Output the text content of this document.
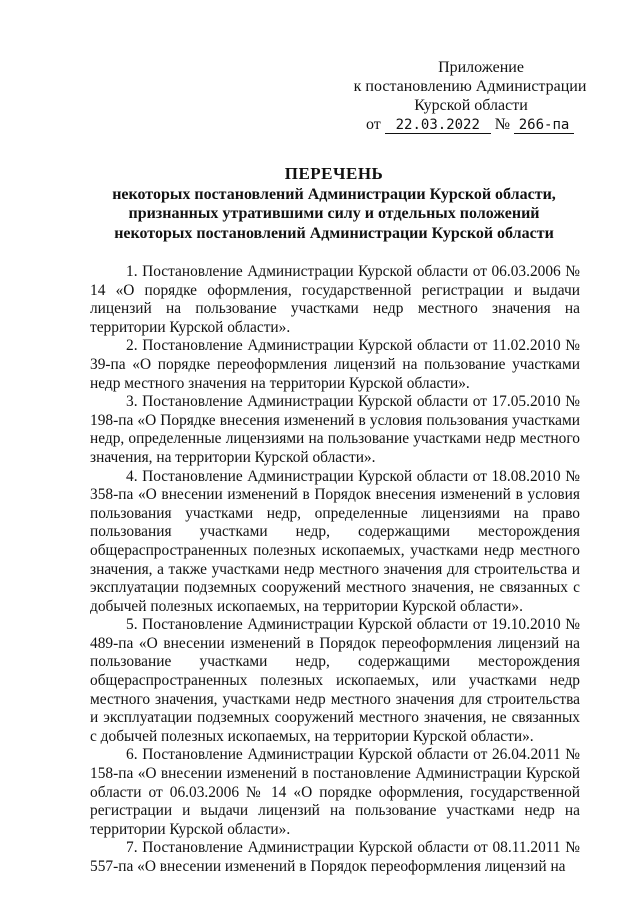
Приложение
к постановлению Администрации
Курской области
от 22.03.2022 № 266-па
ПЕРЕЧЕНЬ
некоторых постановлений Администрации Курской области, признанных утратившими силу и отдельных положений некоторых постановлений Администрации Курской области

1. Постановление Администрации Курской области от 06.03.2006 № 14 «О порядке оформления, государственной регистрации и выдачи лицензий на пользование участками недр местного значения на территории Курской области».

2. Постановление Администрации Курской области от 11.02.2010 № 39-па «О порядке переоформления лицензий на пользование участками недр местного значения на территории Курской области».

3. Постановление Администрации Курской области от 17.05.2010 № 198-па «О Порядке внесения изменений в условия пользования участками недр, определенные лицензиями на пользование участками недр местного значения, на территории Курской области».

4. Постановление Администрации Курской области от 18.08.2010 № 358-па «О внесении изменений в Порядок внесения изменений в условия пользования участками недр, определенные лицензиями на право пользования участками недр, содержащими месторождения общераспространенных полезных ископаемых, участками недр местного значения, а также участками недр местного значения для строительства и эксплуатации подземных сооружений местного значения, не связанных с добычей полезных ископаемых, на территории Курской области».

5. Постановление Администрации Курской области от 19.10.2010 № 489-па «О внесении изменений в Порядок переоформления лицензий на пользование участками недр, содержащими месторождения общераспространенных полезных ископаемых, или участками недр местного значения, участками недр местного значения для строительства и эксплуатации подземных сооружений местного значения, не связанных с добычей полезных ископаемых, на территории Курской области».

6. Постановление Администрации Курской области от 26.04.2011 № 158-па «О внесении изменений в постановление Администрации Курской области от 06.03.2006 № 14 «О порядке оформления, государственной регистрации и выдачи лицензий на пользование участками недр на территории Курской области».

7. Постановление Администрации Курской области от 08.11.2011 № 557-па «О внесении изменений в Порядок переоформления лицензий на
